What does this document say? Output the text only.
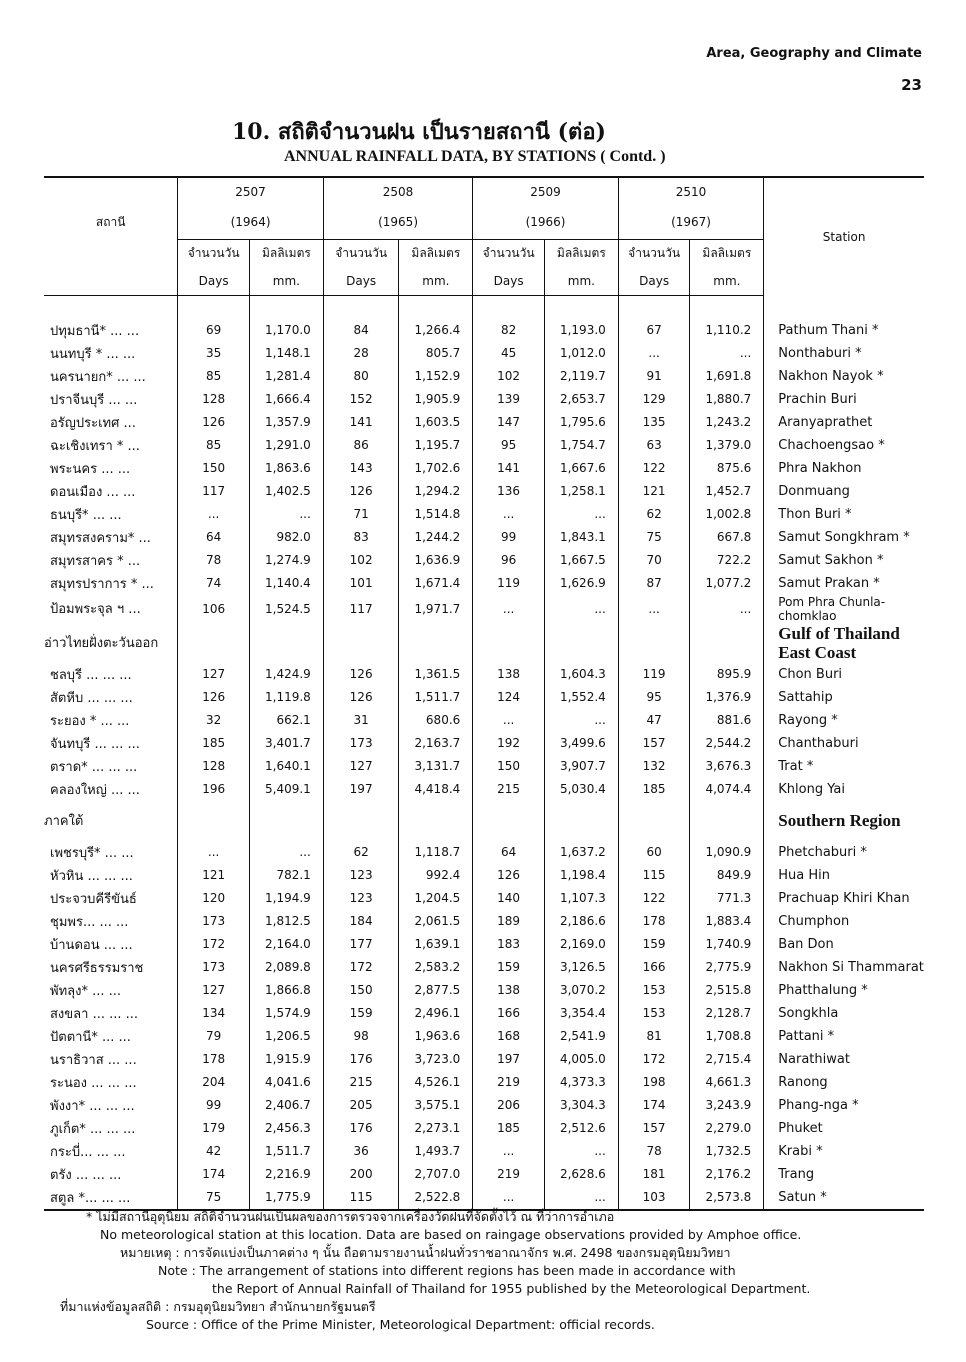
Area, Geography and Climate
23
10. สถิติจำนวนฝน เป็นรายสถานี (ต่อ)
ANNUAL RAINFALL DATA, BY STATIONS ( Contd. )
สถานี	2507		2508		2509		2510		Station
	(1964)		(1965)		(1966)		(1967)		
	จำนวนวัน	มิลลิเมตร	จำนวนวัน	มิลลิเมตร	จำนวนวัน	มิลลิเมตร	จำนวนวัน	มิลลิเมตร	
	Days	mm.	Days	mm.	Days	mm.	Days	mm.	

ปทุมธานี* ... ...	69	1,170.0	84	1,266.4	82	1,193.0	67	1,110.2	Pathum Thani *
นนทบุรี * ... ...	35	1,148.1	28	805.7	45	1,012.0	...	...	Nonthaburi *
นครนายก* ... ...	85	1,281.4	80	1,152.9	102	2,119.7	91	1,691.8	Nakhon Nayok *
ปราจีนบุรี ... ...	128	1,666.4	152	1,905.9	139	2,653.7	129	1,880.7	Prachin Buri
อรัญประเทศ ...	126	1,357.9	141	1,603.5	147	1,795.6	135	1,243.2	Aranyaprathet
ฉะเชิงเทรา * ...	85	1,291.0	86	1,195.7	95	1,754.7	63	1,379.0	Chachoengsao *
พระนคร ... ...	150	1,863.6	143	1,702.6	141	1,667.6	122	875.6	Phra Nakhon
ดอนเมือง ... ...	117	1,402.5	126	1,294.2	136	1,258.1	121	1,452.7	Donmuang
ธนบุรี* ... ...	...	...	71	1,514.8	...	...	62	1,002.8	Thon Buri *
สมุทรสงคราม* ...	64	982.0	83	1,244.2	99	1,843.1	75	667.8	Samut Songkhram *
สมุทรสาคร * ...	78	1,274.9	102	1,636.9	96	1,667.5	70	722.2	Samut Sakhon *
สมุทรปราการ * ...	74	1,140.4	101	1,671.4	119	1,626.9	87	1,077.2	Samut Prakan *
ป้อมพระจุล ฯ ...	106	1,524.5	117	1,971.7	...	...	...	...	Pom Phra Chunla- chomklao
อ่าวไทยฝั่งตะวันออก									Gulf of Thailand East Coast
ชลบุรี ... ... ...	127	1,424.9	126	1,361.5	138	1,604.3	119	895.9	Chon Buri
สัตหีบ ... ... ...	126	1,119.8	126	1,511.7	124	1,552.4	95	1,376.9	Sattahip
ระยอง * ... ...	32	662.1	31	680.6	...	...	47	881.6	Rayong *
จันทบุรี ... ... ...	185	3,401.7	173	2,163.7	192	3,499.6	157	2,544.2	Chanthaburi
ตราด* ... ... ...	128	1,640.1	127	3,131.7	150	3,907.7	132	3,676.3	Trat *
คลองใหญ่ ... ...	196	5,409.1	197	4,418.4	215	5,030.4	185	4,074.4	Khlong Yai
ภาคใต้									Southern Region
เพชรบุรี* ... ...	...	...	62	1,118.7	64	1,637.2	60	1,090.9	Phetchaburi *
หัวหิน ... ... ...	121	782.1	123	992.4	126	1,198.4	115	849.9	Hua Hin
ประจวบคีรีขันธ์	120	1,194.9	123	1,204.5	140	1,107.3	122	771.3	Prachuap Khiri Khan
ชุมพร... ... ...	173	1,812.5	184	2,061.5	189	2,186.6	178	1,883.4	Chumphon
บ้านดอน ... ...	172	2,164.0	177	1,639.1	183	2,169.0	159	1,740.9	Ban Don
นครศรีธรรมราช	173	2,089.8	172	2,583.2	159	3,126.5	166	2,775.9	Nakhon Si Thammarat
พัทลุง* ... ...	127	1,866.8	150	2,877.5	138	3,070.2	153	2,515.8	Phatthalung *
สงขลา ... ... ...	134	1,574.9	159	2,496.1	166	3,354.4	153	2,128.7	Songkhla
ปัตตานี* ... ...	79	1,206.5	98	1,963.6	168	2,541.9	81	1,708.8	Pattani *
นราธิวาส ... ...	178	1,915.9	176	3,723.0	197	4,005.0	172	2,715.4	Narathiwat
ระนอง ... ... ...	204	4,041.6	215	4,526.1	219	4,373.3	198	4,661.3	Ranong
พังงา* ... ... ...	99	2,406.7	205	3,575.1	206	3,304.3	174	3,243.9	Phang-nga *
ภูเก็ต* ... ... ...	179	2,456.3	176	2,273.1	185	2,512.6	157	2,279.0	Phuket
กระบี่... ... ...	42	1,511.7	36	1,493.7	...	...	78	1,732.5	Krabi *
ตรัง ... ... ...	174	2,216.9	200	2,707.0	219	2,628.6	181	2,176.2	Trang
สตูล *... ... ...	75	1,775.9	115	2,522.8	...	...	103	2,573.8	Satun *
* ไม่มีสถานีอุตุนิยม สถิติจำนวนฝนเป็นผลของการตรวจจากเครื่องวัดฝนที่จัดตั้งไว้ ณ ที่ว่าการอำเภอ
No meteorological station at this location. Data are based on raingage observations provided by Amphoe office.
หมายเหตุ : การจัดแบ่งเป็นภาคต่าง ๆ นั้น ถือตามรายงานน้ำฝนทั่วราชอาณาจักร พ.ศ. 2498 ของกรมอุตุนิยมวิทยา
Note : The arrangement of stations into different regions has been made in accordance with
the Report of Annual Rainfall of Thailand for 1955 published by the Meteorological Department.
ที่มาแห่งข้อมูลสถิติ : กรมอุตุนิยมวิทยา สำนักนายกรัฐมนตรี
Source : Office of the Prime Minister, Meteorological Department: official records.
